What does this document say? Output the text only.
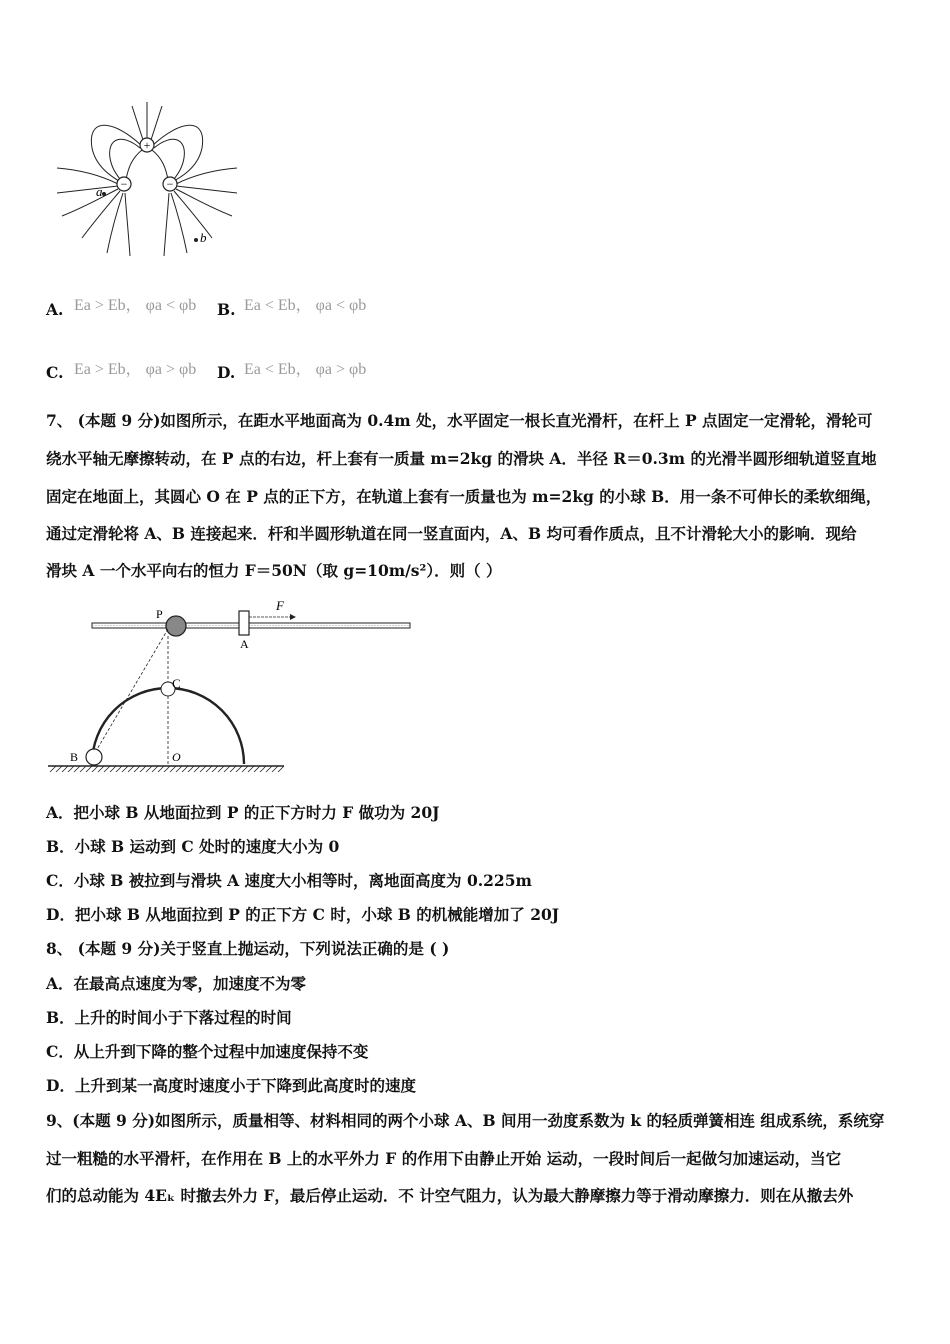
+
−	−
a
b
A. Ea > Eb， φa < φb B. Ea < Eb， φa < φb
C. Ea > Eb， φa > φb D. Ea < Eb， φa > φb
7、 (本题 9 分)如图所示，在距水平地面高为 0.4m 处，水平固定一根长直光滑杆，在杆上 P 点固定一定滑轮，滑轮可
绕水平轴无摩擦转动，在 P 点的右边，杆上套有一质量 m=2kg 的滑块 A．半径 R＝0.3m 的光滑半圆形细轨道竖直地
固定在地面上，其圆心 O 在 P 点的正下方，在轨道上套有一质量也为 m=2kg 的小球 B．用一条不可伸长的柔软细绳，
通过定滑轮将 A、B 连接起来．杆和半圆形轨道在同一竖直面内，A、B 均可看作质点，且不计滑轮大小的影响．现给
滑块 A 一个水平向右的恒力 F＝50N（取 g=10m/s²）．则（ ）
A
F
P
C
B	O
A．把小球 B 从地面拉到 P 的正下方时力 F 做功为 20J
B．小球 B 运动到 C 处时的速度大小为 0
C．小球 B 被拉到与滑块 A 速度大小相等时，离地面高度为 0.225m
D．把小球 B 从地面拉到 P 的正下方 C 时，小球 B 的机械能增加了 20J
8、 (本题 9 分)关于竖直上抛运动，下列说法正确的是 ( )
A．在最高点速度为零，加速度不为零
B．上升的时间小于下落过程的时间
C．从上升到下降的整个过程中加速度保持不变
D．上升到某一高度时速度小于下降到此高度时的速度
9、(本题 9 分)如图所示，质量相等、材料相同的两个小球 A、B 间用一劲度系数为 k 的轻质弹簧相连 组成系统，系统穿
过一粗糙的水平滑杆，在作用在 B 上的水平外力 F 的作用下由静止开始 运动，一段时间后一起做匀加速运动，当它
们的总动能为 4Eₖ 时撤去外力 F，最后停止运动．不 计空气阻力，认为最大静摩擦力等于滑动摩擦力．则在从撤去外
